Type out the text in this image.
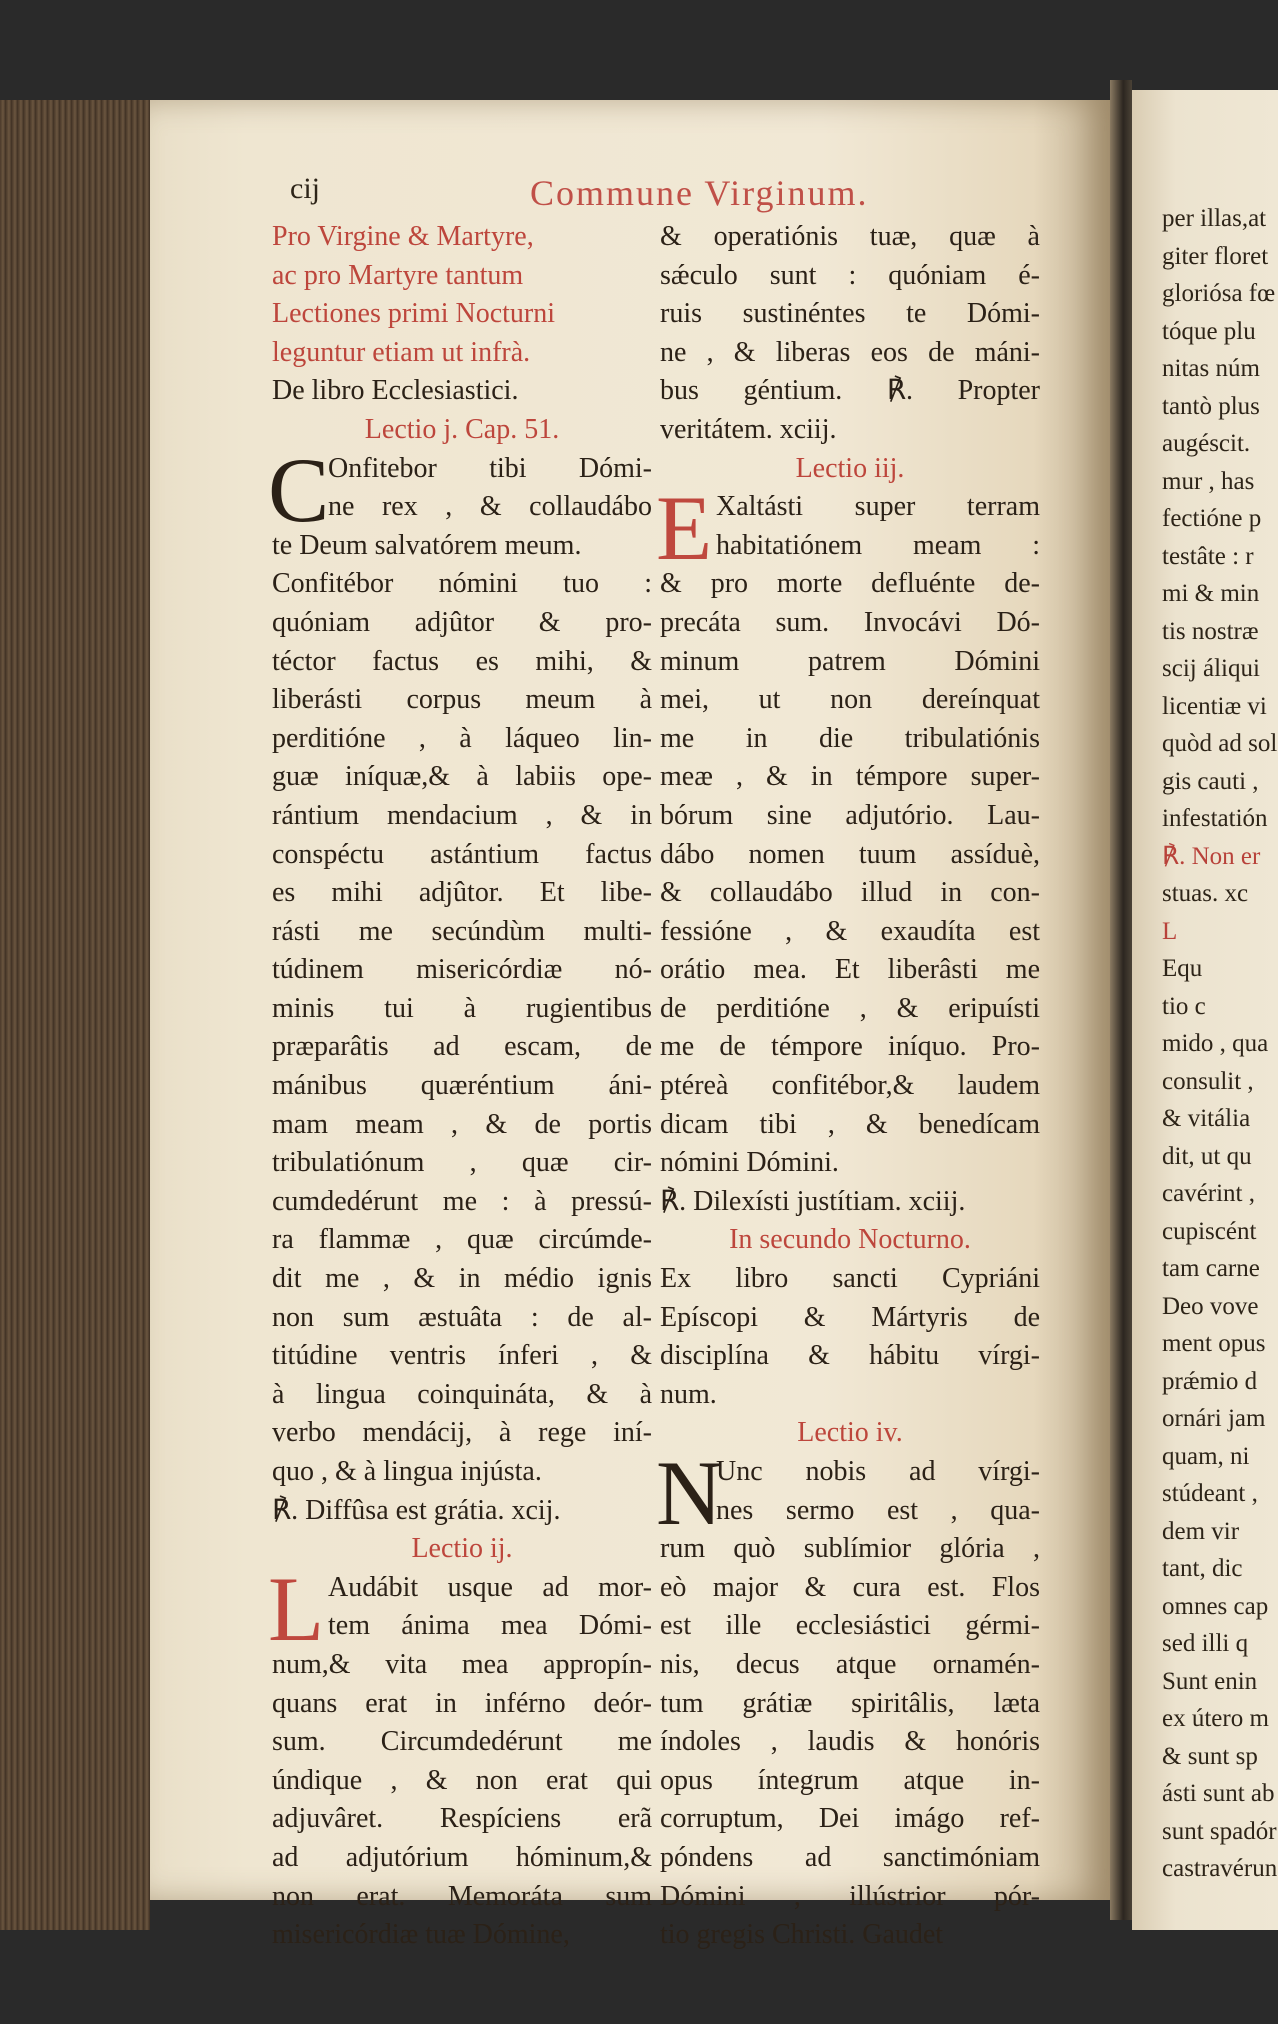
per illas,at
giter floret
gloriósa fœ
tóque plu
nitas núm
tantò plus
augéscit.
mur , has
fectióne p
testâte : r
mi & min
tis nostræ
scij áliqui
licentiæ vi
quòd ad sol
gis cauti ,
infestatión
℟. Non er
stuas. xc
L
Equ
tio c
mido , qua
consulit ,
& vitália
dit, ut qu
cavérint ,
cupiscént
tam carne
Deo vove
ment opus
prǽmio d
ornári jam
quam, ni
stúdeant ,
dem vir
tant, dic
omnes cap
sed illi q
Sunt enin
ex útero m
& sunt sp
ásti sunt ab
sunt spadór
castravérun
cij	Commune Virginum.
Pro Virgine & Martyre,
ac pro Martyre tantum
Lectiones primi Nocturni
leguntur etiam ut infrà.
De libro Ecclesiastici.
Lectio j. Cap. 51.
Onfitebor tibi Dómi-
ne rex , & collaudábo
te Deum salvatórem meum.
Confitébor nómini tuo :
quóniam adjûtor & pro-
téctor factus es mihi, &
liberásti corpus meum à
perditióne , à láqueo lin-
guæ iníquæ,& à labiis ope-
rántium mendacium , & in
conspéctu astántium factus
es mihi adjûtor. Et libe-
rásti me secúndùm multi-
túdinem misericórdiæ nó-
minis tui à rugientibus
præparâtis ad escam, de
mánibus quæréntium áni-
mam meam , & de portis
tribulatiónum , quæ cir-
cumdedérunt me : à pressú-
ra flammæ , quæ circúmde-
dit me , & in médio ignis
non sum æstuâta : de al-
titúdine ventris ínferi , &
à lingua coinquináta, & à
verbo mendácij, à rege iní-
quo , & à lingua injústa.
℟. Diffûsa est grátia. xcij.
Lectio ij.
Audábit usque ad mor-
tem ánima mea Dómi-
num,& vita mea appropín-
quans erat in inférno deór-
sum. Circumdedérunt me
úndique , & non erat qui
adjuvâret. Respíciens erã
ad adjutórium hóminum,&
non erat. Memoráta sum
misericórdiæ tuæ Dómine,
C
L
& operatiónis tuæ, quæ à
sǽculo sunt : quóniam é-
ruis sustinéntes te Dómi-
ne , & liberas eos de máni-
bus géntium. ℟. Propter
veritátem. xciij.
Lectio iij.
Xaltásti super terram
habitatiónem meam :
& pro morte defluénte de-
precáta sum. Invocávi Dó-
minum patrem Dómini
mei, ut non dereínquat
me in die tribulatiónis
meæ , & in témpore super-
bórum sine adjutório. Lau-
dábo nomen tuum assíduè,
& collaudábo illud in con-
fessióne , & exaudíta est
orátio mea. Et liberâsti me
de perditióne , & eripuísti
me de témpore iníquo. Pro-
ptéreà confitébor,& laudem
dicam tibi , & benedícam
nómini Dómini.
℟. Dilexísti justítiam. xciij.
In secundo Nocturno.
Ex libro sancti Cypriáni
Epíscopi & Mártyris de
disciplína & hábitu vírgi-
num.
Lectio iv.
Unc nobis ad vírgi-
nes sermo est , qua-
rum quò sublímior glória ,
eò major & cura est. Flos
est ille ecclesiástici gérmi-
nis, decus atque ornamén-
tum grátiæ spiritâlis, læta
índoles , laudis & honóris
opus íntegrum atque in-
corruptum, Dei imágo ref-
póndens ad sanctimóniam
Dómini , illústrior pór-
tio gregis Christi. Gaudet
E
N
